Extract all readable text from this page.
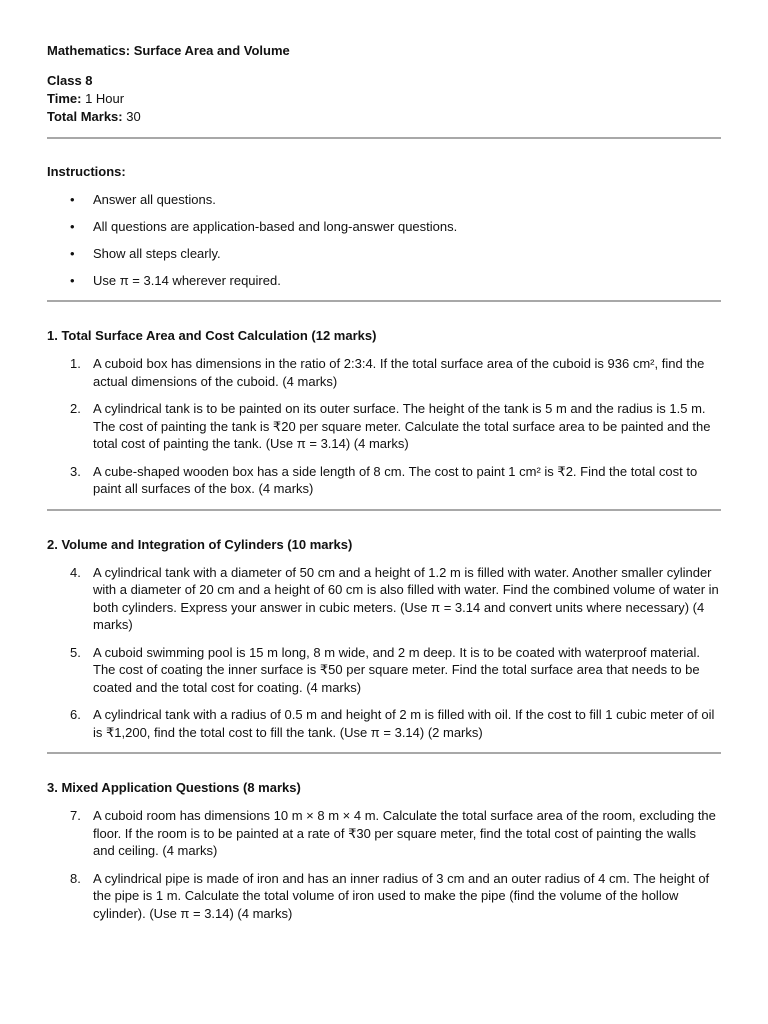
Mathematics: Surface Area and Volume

Class 8

Time: 1 Hour

Total Marks: 30

Instructions:

• Answer all questions.
• All questions are application-based and long-answer questions.
• Show all steps clearly.
• Use π = 3.14 wherever required.

1. Total Surface Area and Cost Calculation (12 marks)

1. A cuboid box has dimensions in the ratio of 2:3:4. If the total surface area of the cuboid is 936 cm², find the actual dimensions of the cuboid. (4 marks)
2. A cylindrical tank is to be painted on its outer surface. The height of the tank is 5 m and the radius is 1.5 m. The cost of painting the tank is ₹20 per square meter. Calculate the total surface area to be painted and the total cost of painting the tank. (Use π = 3.14) (4 marks)
3. A cube-shaped wooden box has a side length of 8 cm. The cost to paint 1 cm² is ₹2. Find the total cost to paint all surfaces of the box. (4 marks)

2. Volume and Integration of Cylinders (10 marks)

4. A cylindrical tank with a diameter of 50 cm and a height of 1.2 m is filled with water. Another smaller cylinder with a diameter of 20 cm and a height of 60 cm is also filled with water. Find the combined volume of water in both cylinders. Express your answer in cubic meters. (Use π = 3.14 and convert units where necessary) (4 marks)
5. A cuboid swimming pool is 15 m long, 8 m wide, and 2 m deep. It is to be coated with waterproof material. The cost of coating the inner surface is ₹50 per square meter. Find the total surface area that needs to be coated and the total cost for coating. (4 marks)
6. A cylindrical tank with a radius of 0.5 m and height of 2 m is filled with oil. If the cost to fill 1 cubic meter of oil is ₹1,200, find the total cost to fill the tank. (Use π = 3.14) (2 marks)

3. Mixed Application Questions (8 marks)

7. A cuboid room has dimensions 10 m × 8 m × 4 m. Calculate the total surface area of the room, excluding the floor. If the room is to be painted at a rate of ₹30 per square meter, find the total cost of painting the walls and ceiling. (4 marks)
8. A cylindrical pipe is made of iron and has an inner radius of 3 cm and an outer radius of 4 cm. The height of the pipe is 1 m. Calculate the total volume of iron used to make the pipe (find the volume of the hollow cylinder). (Use π = 3.14) (4 marks)
